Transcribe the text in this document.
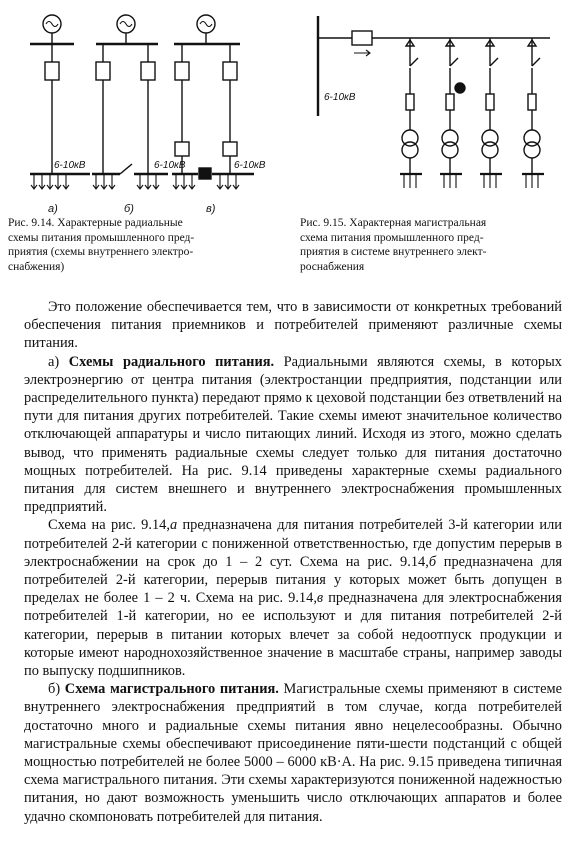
6-10кВ	6-10кВ	6-10кВ
а)	б)	в)
6-10кВ
Рис. 9.14. Характерные радиальные
схемы питания промышленного пред-
приятия (схемы внутреннего электро-
снабжения)
Рис. 9.15. Характерная магистральная
схема питания промышленного пред-
приятия в системе внутреннего элект-
роснабжения

Это положение обеспечивается тем, что в зависимости от конкретных требований обеспечения питания приемников и потребителей применяют различные схемы питания.

а) Схемы радиального питания. Радиальными являются схемы, в которых электроэнергию от центра питания (электростанции предприятия, подстанции или распределительного пункта) передают прямо к цеховой подстанции без ответвлений на пути для питания других потребителей. Такие схемы имеют значительное количество отключающей аппаратуры и число питающих линий. Исходя из этого, можно сделать вывод, что применять радиальные схемы следует только для питания достаточно мощных потребителей. На рис. 9.14 приведены характерные схемы радиального питания для систем внешнего и внутреннего электроснабжения промышленных предприятий.

Схема на рис. 9.14,а предназначена для питания потребителей 3-й категории или потребителей 2-й категории с пониженной ответственностью, где допустим перерыв в электроснабжении на срок до 1 – 2 сут. Схема на рис. 9.14,б предназначена для потребителей 2-й категории, перерыв питания у которых может быть допущен в пределах не более 1 – 2 ч. Схема на рис. 9.14,в предназначена для электроснабжения потребителей 1-й категории, но ее используют и для питания потребителей 2-й категории, перерыв в питании которых влечет за собой недоотпуск продукции и которые имеют народнохозяйственное значение в масштабе страны, например заводы по выпуску подшипников.

б) Схема магистрального питания. Магистральные схемы применяют в системе внутреннего электроснабжения предприятий в том случае, когда потребителей достаточно много и радиальные схемы питания явно нецелесообразны. Обычно магистральные схемы обеспечивают присоединение пяти-шести подстанций с общей мощностью потребителей не более 5000 – 6000 кВ·А. На рис. 9.15 приведена типичная схема магистрального питания. Эти схемы характеризуются пониженной надежностью питания, но дают возможность уменьшить число отключающих аппаратов и более удачно скомпоновать потребителей для питания.
